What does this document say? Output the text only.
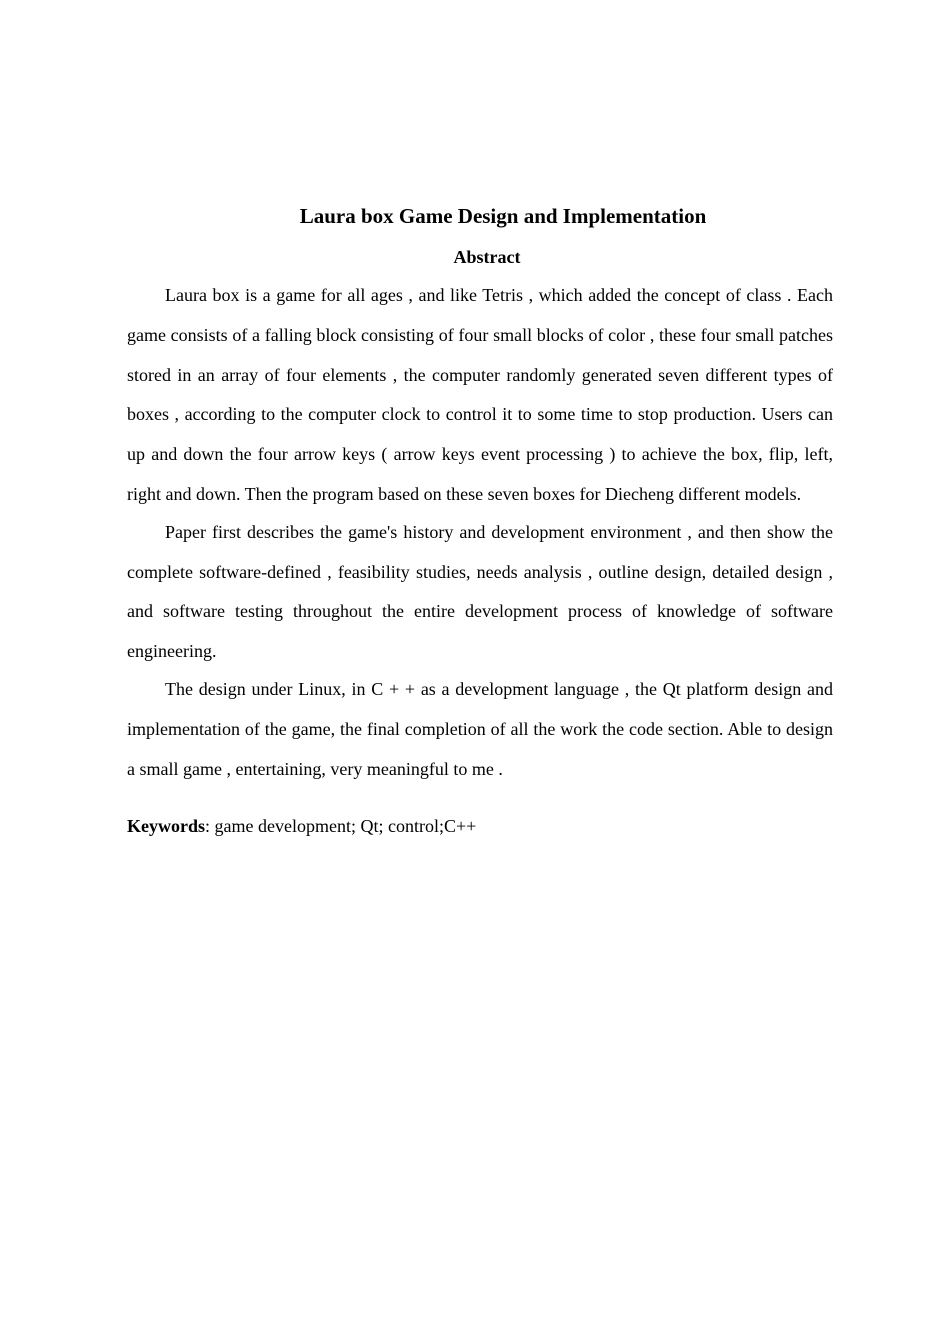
Laura box Game Design and Implementation
Abstract

Laura box is a game for all ages , and like Tetris , which added the concept of class . Each game consists of a falling block consisting of four small blocks of color , these four small patches stored in an array of four elements , the computer randomly generated seven different types of boxes , according to the computer clock to control it to some time to stop production. Users can up and down the four arrow keys ( arrow keys event processing ) to achieve the box, flip, left, right and down. Then the program based on these seven boxes for Diecheng different models.

Paper first describes the game's history and development environment , and then show the complete software-defined , feasibility studies, needs analysis , outline design, detailed design , and software testing throughout the entire development process of knowledge of software engineering.

The design under Linux, in C + + as a development language , the Qt platform design and implementation of the game, the final completion of all the work the code section. Able to design a small game , entertaining, very meaningful to me .

Keywords: game development; Qt; control;C++
